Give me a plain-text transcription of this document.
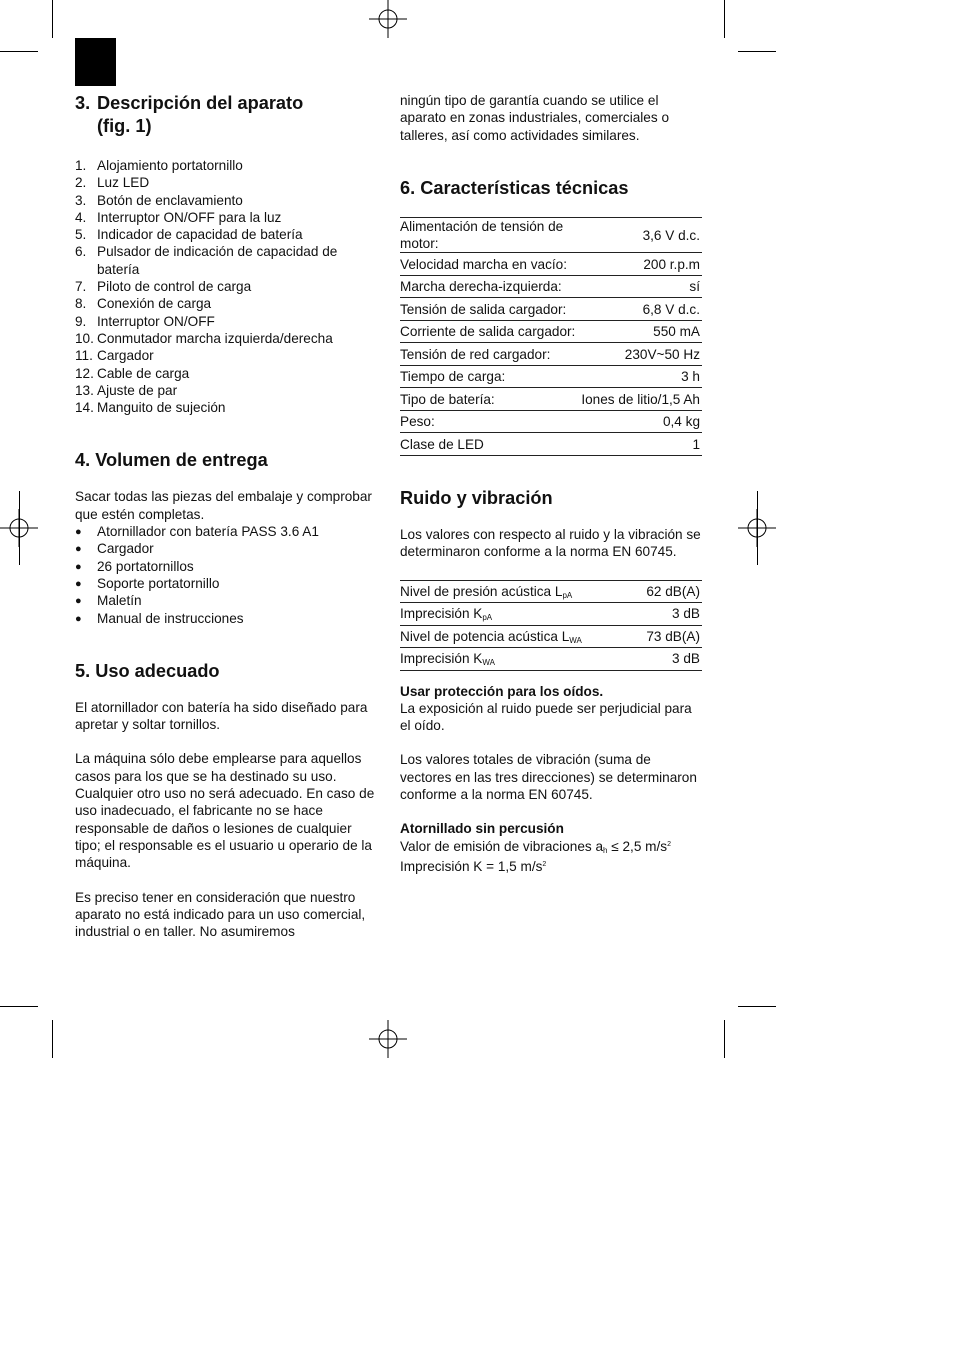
3. Descripción del aparato
(fig. 1)
1. Alojamiento portatornillo
2. Luz LED
3. Botón de enclavamiento
4. Interruptor ON/OFF para la luz
5. Indicador de capacidad de batería
6. Pulsador de indicación de capacidad de batería
7. Piloto de control de carga
8. Conexión de carga
9. Interruptor ON/OFF
10. Conmutador marcha izquierda/derecha
11. Cargador
12. Cable de carga
13. Ajuste de par
14. Manguito de sujeción
4. Volumen de entrega

Sacar todas las piezas del embalaje y comprobar que estén completas.

●	Atornillador con batería PASS 3.6 A1
●	Cargador
●	26 portatornillos
●	Soporte portatornillo
●	Maletín
●	Manual de instrucciones
5. Uso adecuado

El atornillador con batería ha sido diseñado para apretar y soltar tornillos.

La máquina sólo debe emplearse para aquellos casos para los que se ha destinado su uso. Cualquier otro uso no será adecuado. En caso de uso inadecuado, el fabricante no se hace responsable de daños o lesiones de cualquier tipo; el responsable es el usuario u operario de la máquina.

Es preciso tener en consideración que nuestro aparato no está indicado para un uso comercial, industrial o en taller. No asumiremos

ningún tipo de garantía cuando se utilice el aparato en zonas industriales, comerciales o talleres, así como actividades similares.

6. Características técnicas
Alimentación de tensión de motor:	3,6 V d.c.
Velocidad marcha en vacío:	200 r.p.m
Marcha derecha-izquierda:	sí
Tensión de salida cargador:	6,8 V d.c.
Corriente de salida cargador:	550 mA
Tensión de red cargador:	230V~50 Hz
Tiempo de carga:	3 h
Tipo de batería:	Iones de litio/1,5 Ah
Peso:	0,4 kg
Clase de LED	1
Ruido y vibración

Los valores con respecto al ruido y la vibración se determinaron conforme a la norma EN 60745.

Nivel de presión acústica $L_{pA}$	62 dB(A)
Imprecisión $K_{pA}$	3 dB
Nivel de potencia acústica $L_{WA}$	73 dB(A)
Imprecisión $K_{WA}$	3 dB

Usar protección para los oídos.

La exposición al ruido puede ser perjudicial para el oído.

Los valores totales de vibración (suma de vectores en las tres direcciones) se determinaron conforme a la norma EN 60745.

Atornillado sin percusión

Valor de emisión de vibraciones $a_h \le 2,5$ $m/s^2$

Imprecisión K = 1,5 $m/s^2$
